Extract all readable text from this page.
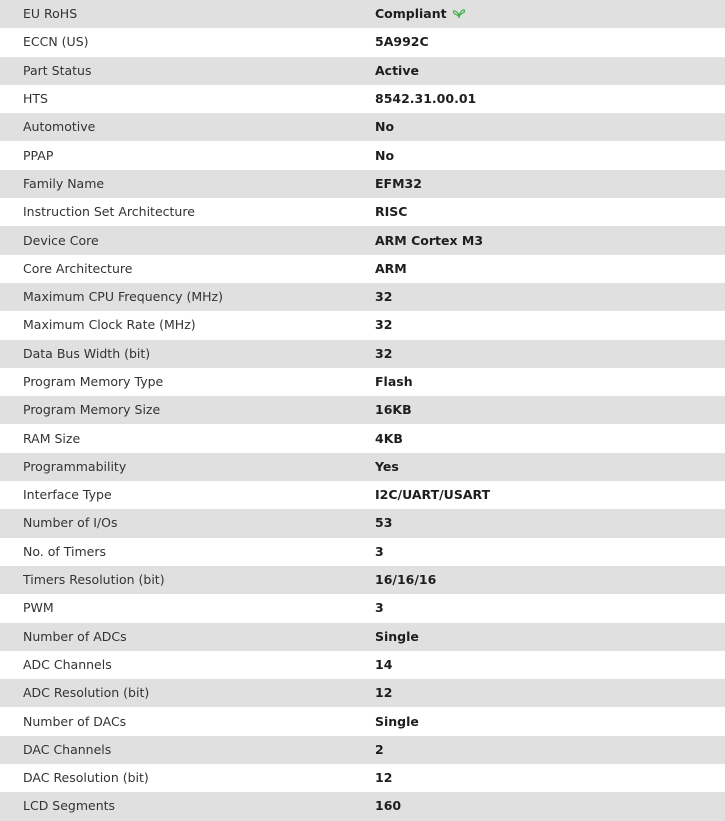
EU RoHS	Compliant
ECCN (US)	5A992C
Part Status	Active
HTS	8542.31.00.01
Automotive	No
PPAP	No
Family Name	EFM32
Instruction Set Architecture	RISC
Device Core	ARM Cortex M3
Core Architecture	ARM
Maximum CPU Frequency (MHz)	32
Maximum Clock Rate (MHz)	32
Data Bus Width (bit)	32
Program Memory Type	Flash
Program Memory Size	16KB
RAM Size	4KB
Programmability	Yes
Interface Type	I2C/UART/USART
Number of I/Os	53
No. of Timers	3
Timers Resolution (bit)	16/16/16
PWM	3
Number of ADCs	Single
ADC Channels	14
ADC Resolution (bit)	12
Number of DACs	Single
DAC Channels	2
DAC Resolution (bit)	12
LCD Segments	160
